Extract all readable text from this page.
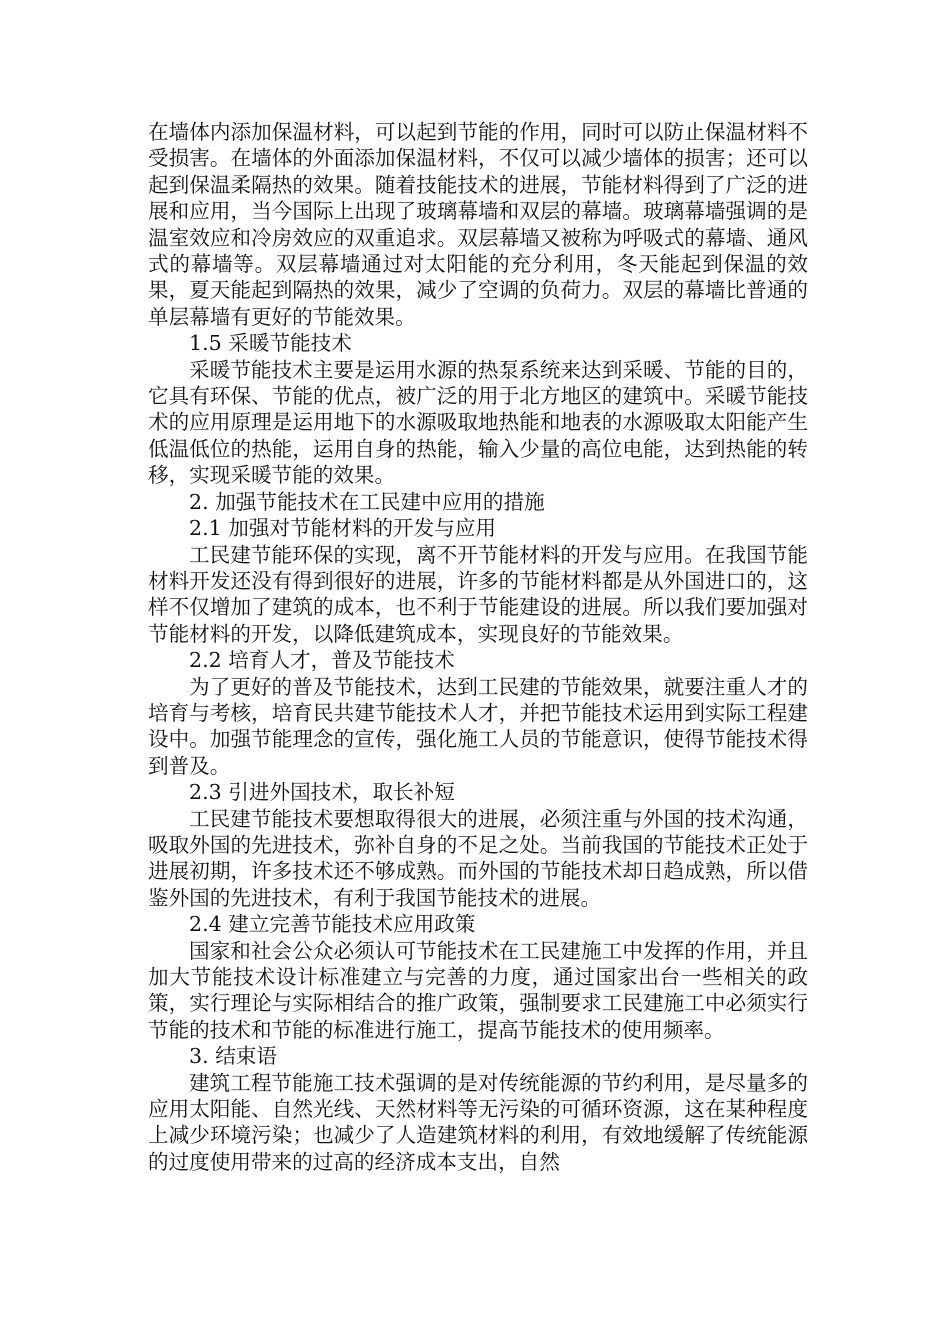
在墙体内添加保温材料，可以起到节能的作用，同时可以防止保温材料不受损害。在墙体的外面添加保温材料，不仅可以减少墙体的损害；还可以起到保温柔隔热的效果。随着技能技术的进展，节能材料得到了广泛的进展和应用，当今国际上出现了玻璃幕墙和双层的幕墙。玻璃幕墙强调的是温室效应和冷房效应的双重追求。双层幕墙又被称为呼吸式的幕墙、通风式的幕墙等。双层幕墙通过对太阳能的充分利用，冬天能起到保温的效果，夏天能起到隔热的效果，减少了空调的负荷力。双层的幕墙比普通的单层幕墙有更好的节能效果。

1.5 采暖节能技术

采暖节能技术主要是运用水源的热泵系统来达到采暖、节能的目的，它具有环保、节能的优点，被广泛的用于北方地区的建筑中。采暖节能技术的应用原理是运用地下的水源吸取地热能和地表的水源吸取太阳能产生低温低位的热能，运用自身的热能，输入少量的高位电能，达到热能的转移，实现采暖节能的效果。

2. 加强节能技术在工民建中应用的措施

2.1 加强对节能材料的开发与应用

工民建节能环保的实现，离不开节能材料的开发与应用。在我国节能材料开发还没有得到很好的进展，许多的节能材料都是从外国进口的，这样不仅增加了建筑的成本，也不利于节能建设的进展。所以我们要加强对节能材料的开发，以降低建筑成本，实现良好的节能效果。

2.2 培育人才，普及节能技术

为了更好的普及节能技术，达到工民建的节能效果，就要注重人才的培育与考核，培育民共建节能技术人才，并把节能技术运用到实际工程建设中。加强节能理念的宣传，强化施工人员的节能意识，使得节能技术得到普及。

2.3 引进外国技术，取长补短

工民建节能技术要想取得很大的进展，必须注重与外国的技术沟通，吸取外国的先进技术，弥补自身的不足之处。当前我国的节能技术正处于进展初期，许多技术还不够成熟。而外国的节能技术却日趋成熟，所以借鉴外国的先进技术，有利于我国节能技术的进展。

2.4 建立完善节能技术应用政策

国家和社会公众必须认可节能技术在工民建施工中发挥的作用，并且加大节能技术设计标准建立与完善的力度，通过国家出台一些相关的政策，实行理论与实际相结合的推广政策，强制要求工民建施工中必须实行节能的技术和节能的标准进行施工，提高节能技术的使用频率。

3. 结束语

建筑工程节能施工技术强调的是对传统能源的节约利用，是尽量多的应用太阳能、自然光线、天然材料等无污染的可循环资源，这在某种程度上减少环境污染；也减少了人造建筑材料的利用，有效地缓解了传统能源的过度使用带来的过高的经济成本支出，自然
